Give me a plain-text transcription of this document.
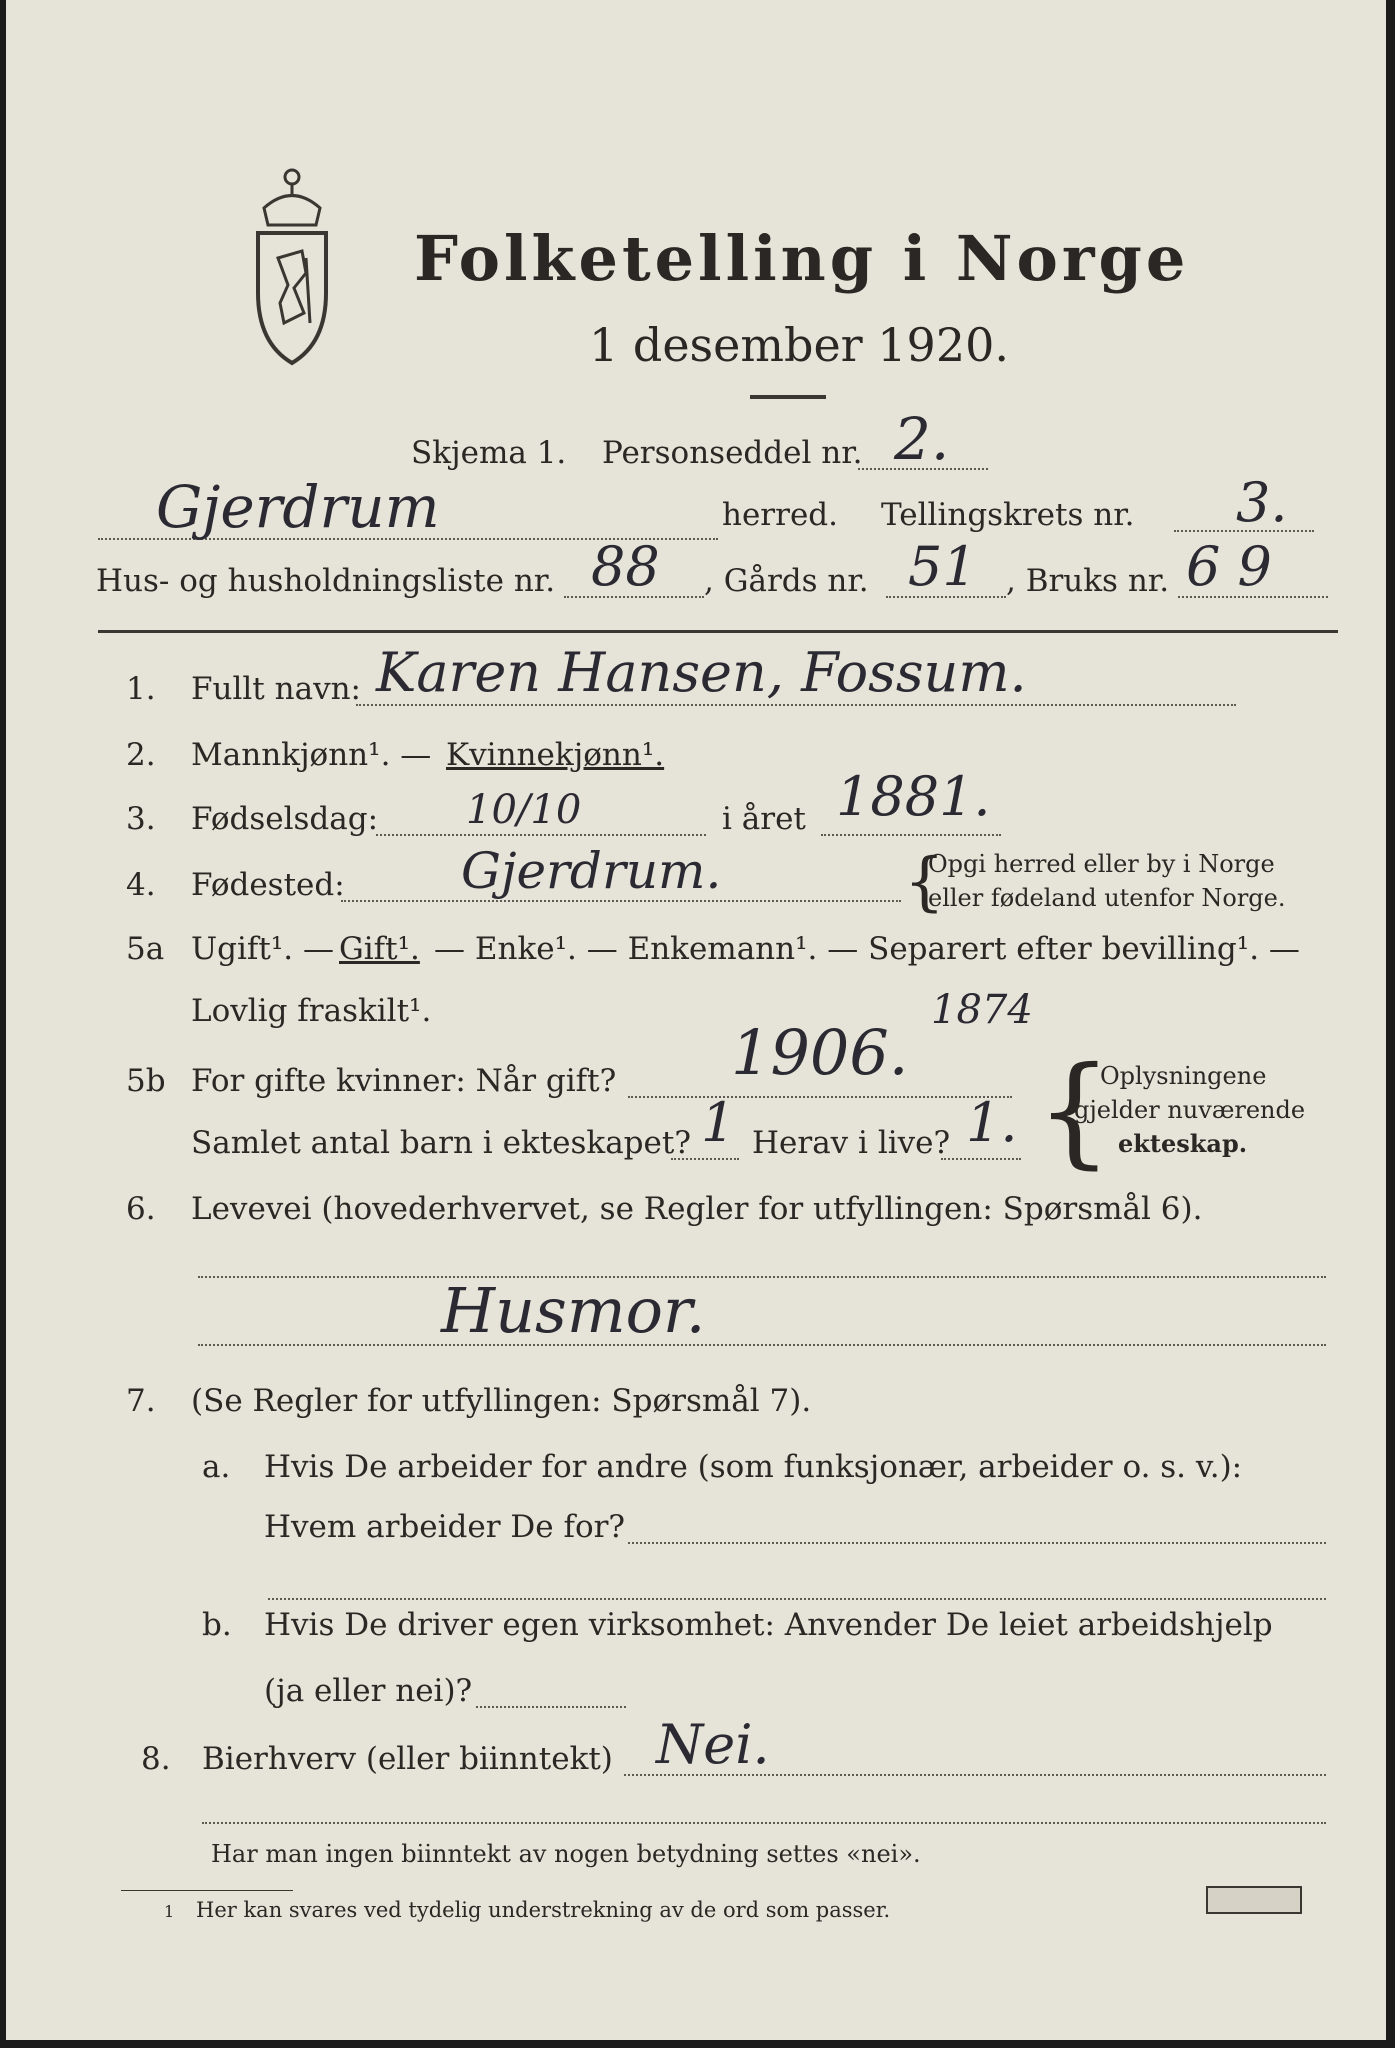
Folketelling i Norge
1 desember 1920.
Skjema 1. Personseddel nr. 2.
Gjerdrum	herred. Tellingskrets nr. 3.
Hus- og husholdningsliste nr. 88 , Gårds nr. 51 , Bruks nr. 6 9
1. Fullt navn: Karen Hansen, Fossum.
2. Mannkjønn¹. — Kvinnekjønn¹.
3. Fødselsdag: 10/10	i året 1881.
4. Fødested: Gjerdrum.	{
Opgi herred eller by i Norge
eller fødeland utenfor Norge.
5a Ugift¹. — Gift¹. — Enke¹. — Enkemann¹. — Separert efter bevilling¹. —
Lovlig fraskilt¹.	1874
5b For gifte kvinner: Når gift? 1906.
Samlet antal barn i ekteskapet? 1 Herav i live? 1. {
Oplysningene
gjelder nuværende
ekteskap.
6. Levevei (hovederhvervet, se Regler for utfyllingen: Spørsmål 6).
Husmor.
7. (Se Regler for utfyllingen: Spørsmål 7).
a. Hvis De arbeider for andre (som funksjonær, arbeider o. s. v.):
Hvem arbeider De for?
b. Hvis De driver egen virksomhet: Anvender De leiet arbeidshjelp
(ja eller nei)?
8. Bierhverv (eller biinntekt) Nei.
Har man ingen biinntekt av nogen betydning settes «nei».
1 Her kan svares ved tydelig understrekning av de ord som passer.
